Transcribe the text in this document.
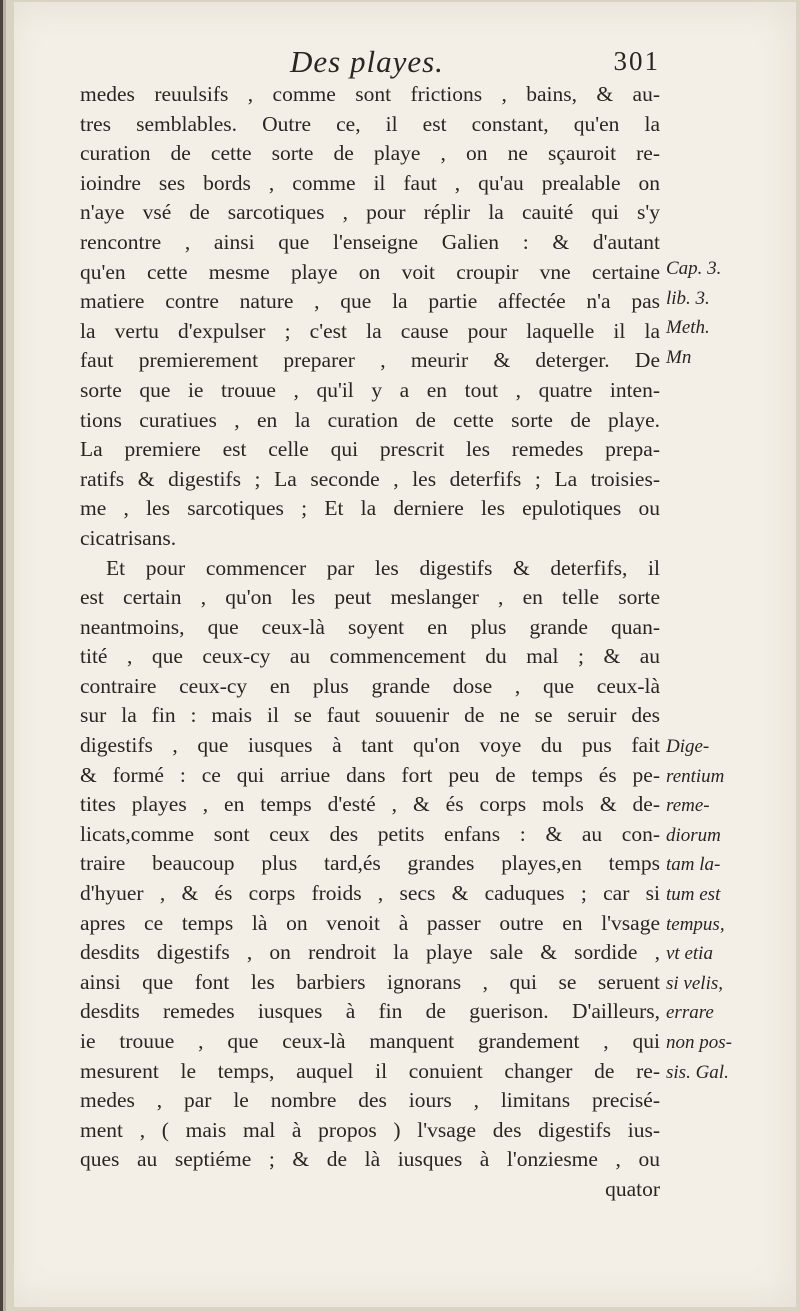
Des playes.	301
medes reuulsifs , comme sont frictions , bains, & au-
tres semblables. Outre ce, il est constant, qu'en la
curation de cette sorte de playe , on ne sçauroit re-
ioindre ses bords , comme il faut , qu'au prealable on
n'aye vsé de sarcotiques , pour réplir la cauité qui s'y
rencontre , ainsi que l'enseigne Galien : & d'autant
qu'en cette mesme playe on voit croupir vne certaine
matiere contre nature , que la partie affectée n'a pas
la vertu d'expulser ; c'est la cause pour laquelle il la
faut premierement preparer , meurir & deterger. De
sorte que ie trouue , qu'il y a en tout , quatre inten-
tions curatiues , en la curation de cette sorte de playe.
La premiere est celle qui prescrit les remedes prepa-
ratifs & digestifs ; La seconde , les deterfifs ; La troisies-
me , les sarcotiques ; Et la derniere les epulotiques ou
cicatrisans.
Et pour commencer par les digestifs & deterfifs, il
est certain , qu'on les peut meslanger , en telle sorte
neantmoins, que ceux-là soyent en plus grande quan-
tité , que ceux-cy au commencement du mal ; & au
contraire ceux-cy en plus grande dose , que ceux-là
sur la fin : mais il se faut souuenir de ne se seruir des
digestifs , que iusques à tant qu'on voye du pus fait
& formé : ce qui arriue dans fort peu de temps és pe-
tites playes , en temps d'esté , & és corps mols & de-
licats,comme sont ceux des petits enfans : & au con-
traire beaucoup plus tard,és grandes playes,en temps
d'hyuer , & és corps froids , secs & caduques ; car si
apres ce temps là on venoit à passer outre en l'vsage
desdits digestifs , on rendroit la playe sale & sordide ,
ainsi que font les barbiers ignorans , qui se seruent
desdits remedes iusques à fin de guerison. D'ailleurs,
ie trouue , que ceux-là manquent grandement , qui
mesurent le temps, auquel il conuient changer de re-
medes , par le nombre des iours , limitans precisé-
ment , ( mais mal à propos ) l'vsage des digestifs ius-
ques au septiéme ; & de là iusques à l'onziesme , ou
quator
Cap. 3.
lib. 3.
Meth.
Mn
Dige-
rentium
reme-
diorum
tam la-
tum est
tempus,
vt etia
si velis,
errare
non pos-
sis. Gal.
